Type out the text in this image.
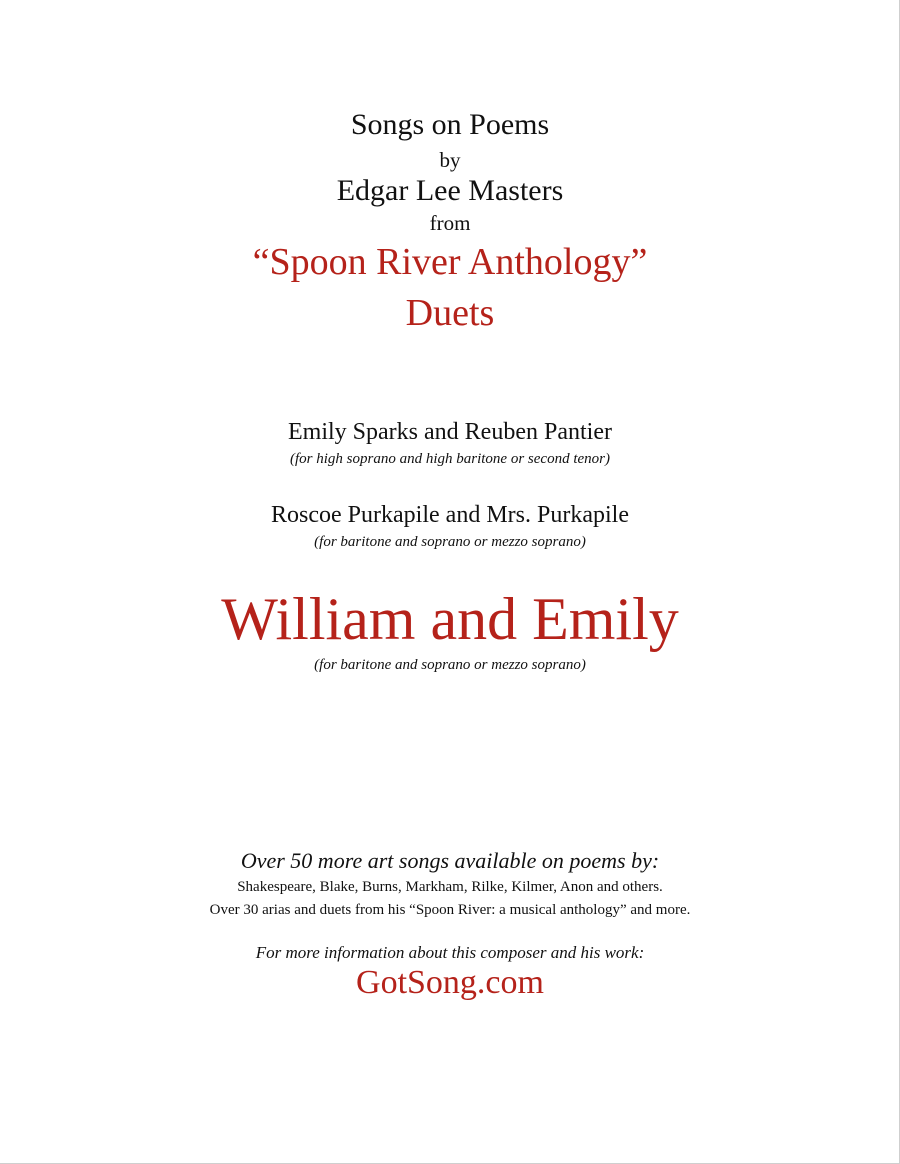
Songs on Poems
by
Edgar Lee Masters
from
“Spoon River Anthology”
Duets
Emily Sparks and Reuben Pantier
(for high soprano and high baritone or second tenor)
Roscoe Purkapile and Mrs. Purkapile
(for baritone and soprano or mezzo soprano)
William and Emily
(for baritone and soprano or mezzo soprano)
Over 50 more art songs available on poems by:
Shakespeare, Blake, Burns, Markham, Rilke, Kilmer, Anon and others.
Over 30 arias and duets from his “Spoon River: a musical anthology” and more.
For more information about this composer and his work:
GotSong.com
